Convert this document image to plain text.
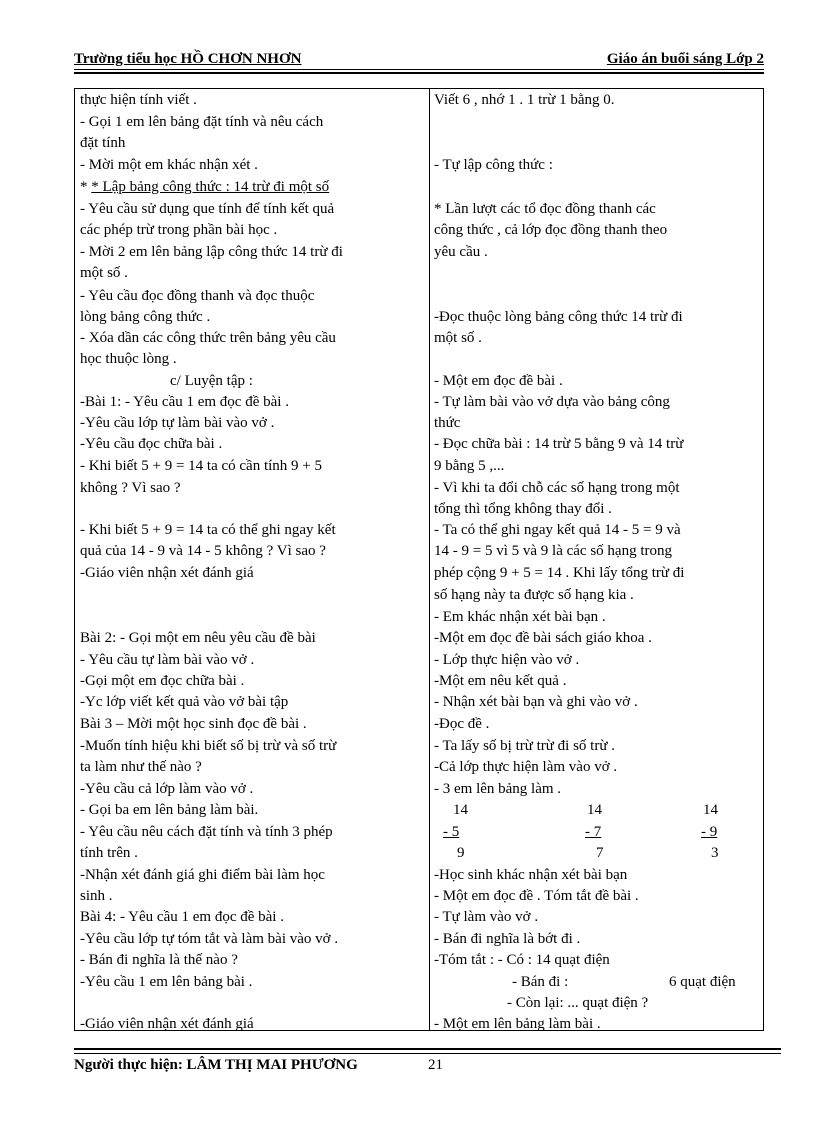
Trường tiểu học HỒ CHƠN NHƠN	Giáo án buổi sáng Lớp 2
thực hiện tính viết .
- Gọi 1 em lên bảng đặt tính và nêu cách
đặt tính
- Mời một em khác nhận xét .
* * Lập bảng công thức : 14 trừ đi một số
- Yêu cầu sử dụng que tính để tính kết quả
các phép trừ trong phần bài học .
- Mời 2 em lên bảng lập công thức 14 trừ đi
một số .
- Yêu cầu đọc đồng thanh và đọc thuộc
lòng bảng công thức .
- Xóa dần các công thức trên bảng yêu cầu
học thuộc lòng .
c/ Luyện tập :
-Bài 1: - Yêu cầu 1 em đọc đề bài .
-Yêu cầu lớp tự làm bài vào vở .
-Yêu cầu đọc chữa bài .
- Khi biết 5 + 9 = 14 ta có cần tính 9 + 5
không ? Vì sao ?
- Khi biết 5 + 9 = 14 ta có thể ghi ngay kết
quả của 14 - 9 và 14 - 5 không ? Vì sao ?
-Giáo viên nhận xét đánh giá
Bài 2: - Gọi một em nêu yêu cầu đề bài
- Yêu cầu tự làm bài vào vở .
-Gọi một em đọc chữa bài .
-Yc lớp viết kết quả vào vở bài tập
Bài 3 – Mời một học sinh đọc đề bài .
-Muốn tính hiệu khi biết số bị trừ và số trừ
ta làm như thế nào ?
-Yêu cầu cả lớp làm vào vở .
- Gọi ba em lên bảng làm bài.
- Yêu cầu nêu cách đặt tính và tính 3 phép
tính trên .
-Nhận xét đánh giá ghi điểm bài làm học
sinh .
Bài 4: - Yêu cầu 1 em đọc đề bài .
-Yêu cầu lớp tự tóm tắt và làm bài vào vở .
- Bán đi nghĩa là thế nào ?
-Yêu cầu 1 em lên bảng bài .
-Giáo viên nhận xét đánh giá
Viết 6 , nhớ 1 . 1 trừ 1 bằng 0.
- Tự lập công thức :
* Lần lượt các tổ đọc đồng thanh các
công thức , cả lớp đọc đồng thanh theo
yêu cầu .
-Đọc thuộc lòng bảng công thức 14 trừ đi
một số .
- Một em đọc đề bài .
- Tự làm bài vào vở dựa vào bảng công
thức
- Đọc chữa bài : 14 trừ 5 bằng 9 và 14 trừ
9 bằng 5 ,...
- Vì khi ta đổi chỗ các số hạng trong một
tổng thì tổng không thay đổi .
- Ta có thể ghi ngay kết quả 14 - 5 = 9 và
14 - 9 = 5 vì 5 và 9 là các số hạng trong
phép cộng 9 + 5 = 14 . Khi lấy tổng trừ đi
số hạng này ta được số hạng kia .
- Em khác nhận xét bài bạn .
-Một em đọc đề bài sách giáo khoa .
- Lớp thực hiện vào vở .
-Một em nêu kết quả .
- Nhận xét bài bạn và ghi vào vở .
-Đọc đề .
- Ta lấy số bị trừ trừ đi số trừ .
-Cả lớp thực hiện làm vào vở .
- 3 em lên bảng làm .
14
- 5
9
14
- 7
7
14
- 9
3
-Học sinh khác nhận xét bài bạn
- Một em đọc đề . Tóm tắt đề bài .
- Tự làm vào vở .
- Bán đi nghĩa là bớt đi .
-Tóm tắt : - Có : 14 quạt điện
- Bán đi :	6 quạt điện
- Còn lại: ... quạt điện ?
- Một em lên bảng làm bài .
Người thực hiện: LÂM THỊ MAI PHƯƠNG	21
